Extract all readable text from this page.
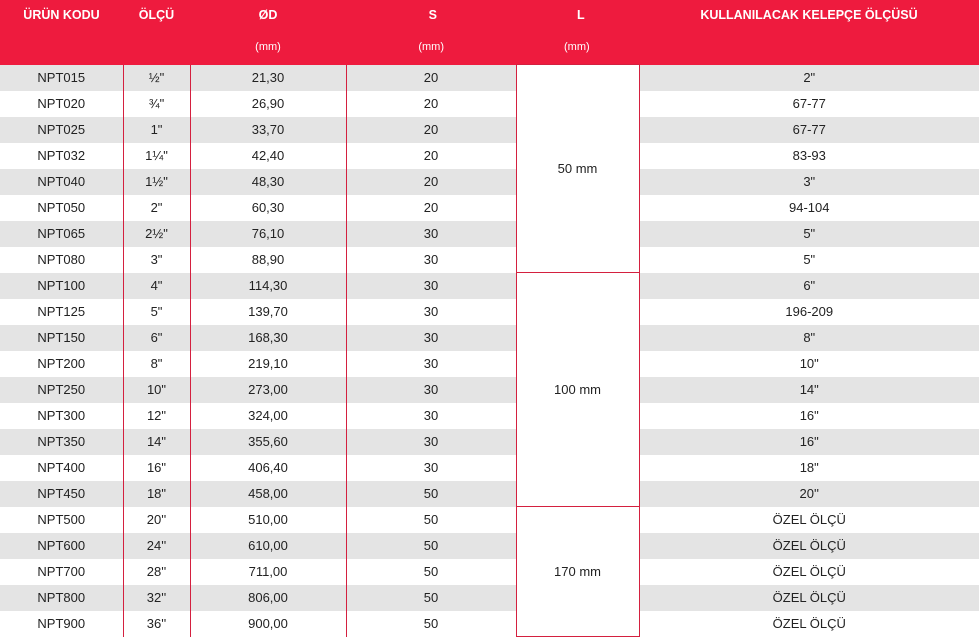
ÜRÜN KODU	ÖLÇÜ	ØD	S	L	KULLANILACAK KELEPÇE ÖLÇÜSÜ
		(mm)	(mm)	(mm)	
NPT015	½"	21,30	20	50 mm	2"
NPT020	¾"	26,90	20		67-77
NPT025	1"	33,70	20		67-77
NPT032	1¼"	42,40	20		83-93
NPT040	1½"	48,30	20		3"
NPT050	2"	60,30	20		94-104
NPT065	2½"	76,10	30		5"
NPT080	3"	88,90	30		5"
NPT100	4"	114,30	30	100 mm	6"
NPT125	5"	139,70	30		196-209
NPT150	6"	168,30	30		8"
NPT200	8"	219,10	30		10"
NPT250	10"	273,00	30		14"
NPT300	12"	324,00	30		16"
NPT350	14"	355,60	30		16"
NPT400	16"	406,40	30		18"
NPT450	18"	458,00	50		20''
NPT500	20''	510,00	50	170 mm	ÖZEL ÖLÇÜ
NPT600	24''	610,00	50		ÖZEL ÖLÇÜ
NPT700	28''	711,00	50		ÖZEL ÖLÇÜ
NPT800	32''	806,00	50		ÖZEL ÖLÇÜ
NPT900	36''	900,00	50		ÖZEL ÖLÇÜ
